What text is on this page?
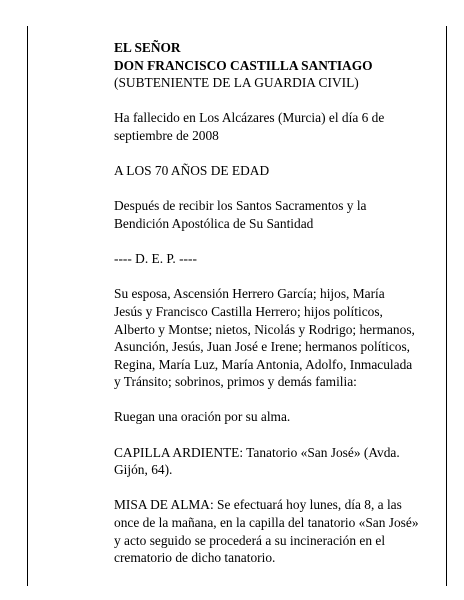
EL SEÑOR
DON FRANCISCO CASTILLA SANTIAGO
(SUBTENIENTE DE LA GUARDIA CIVIL)

Ha fallecido en Los Alcázares (Murcia) el día 6 de
septiembre de 2008

A LOS 70 AÑOS DE EDAD

Después de recibir los Santos Sacramentos y la
Bendición Apostólica de Su Santidad

---- D. E. P. ----

Su esposa, Ascensión Herrero García; hijos, María
Jesús y Francisco Castilla Herrero; hijos políticos,
Alberto y Montse; nietos, Nicolás y Rodrigo; hermanos,
Asunción, Jesús, Juan José e Irene; hermanos políticos,
Regina, María Luz, María Antonia, Adolfo, Inmaculada
y Tránsito; sobrinos, primos y demás familia:

Ruegan una oración por su alma.

CAPILLA ARDIENTE: Tanatorio «San José» (Avda.
Gijón, 64).

MISA DE ALMA: Se efectuará hoy lunes, día 8, a las
once de la mañana, en la capilla del tanatorio «San José»
y acto seguido se procederá a su incineración en el
crematorio de dicho tanatorio.
